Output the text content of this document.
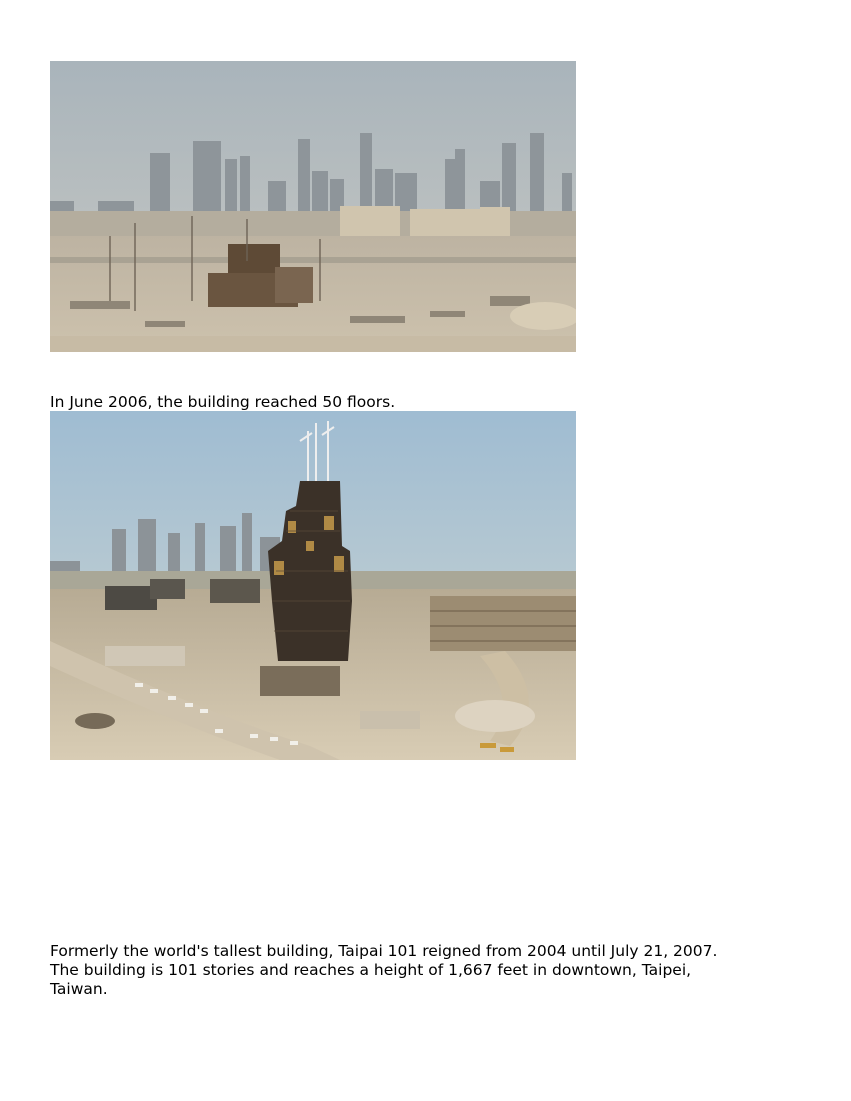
In June 2006, the building reached 50 floors.
Formerly the world's tallest building, Taipai 101 reigned from 2004 until July 21, 2007.
The building is 101 stories and reaches a height of 1,667 feet in downtown, Taipei,
Taiwan.
